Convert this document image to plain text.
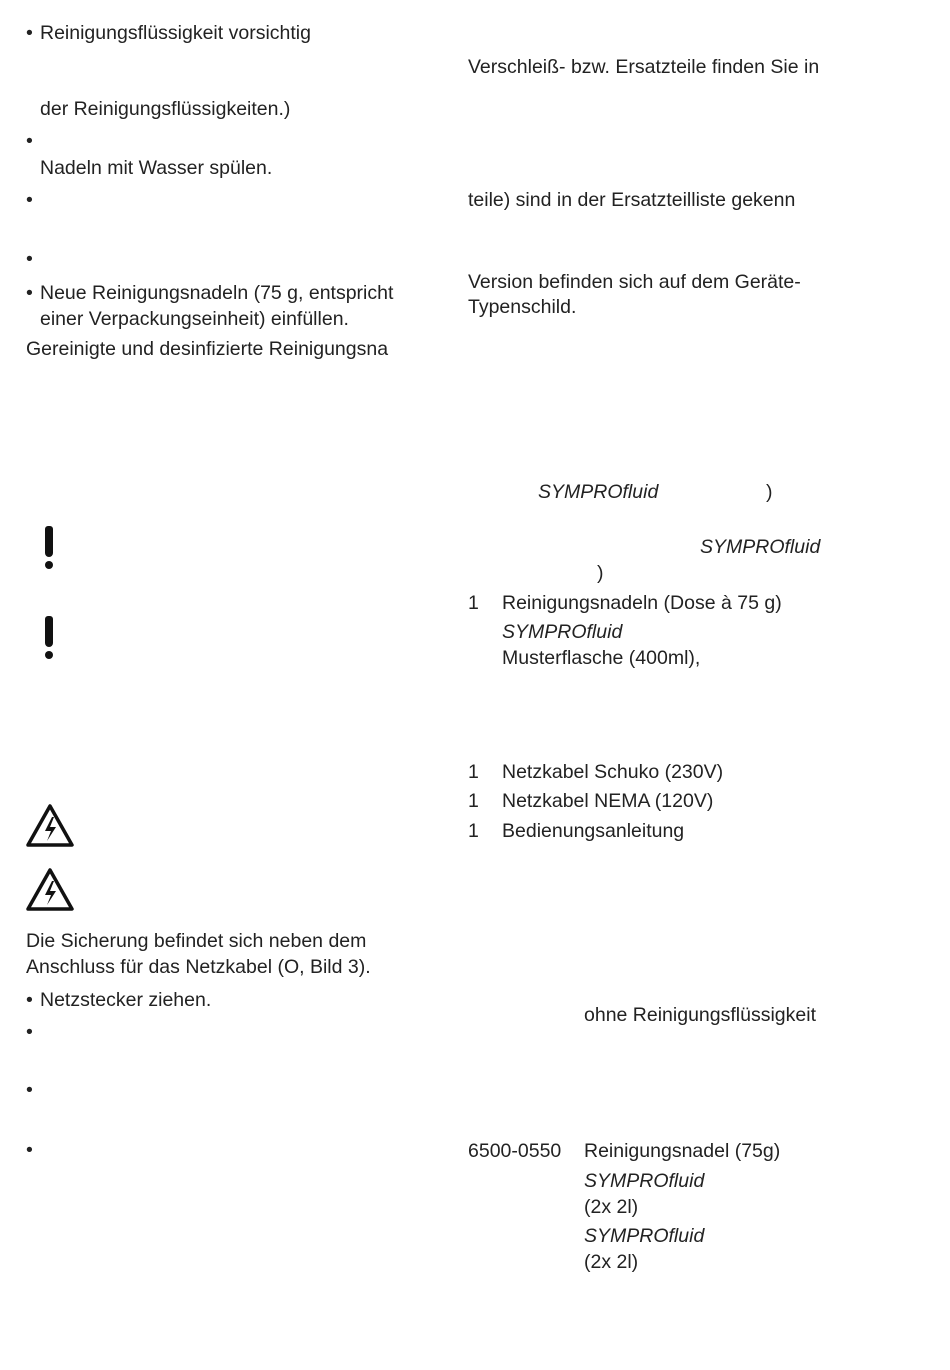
• Reinigungsflüssigkeit vorsichtig
der Reinigungsflüssigkeiten.)
•
Nadeln mit Wasser spülen.
•
•
• Neue Reinigungsnadeln (75 g, entspricht
einer Verpackungseinheit) einfüllen.
Gereinigte und desinfizierte Reinigungsna
Die Sicherung befindet sich neben dem
Anschluss für das Netzkabel (O, Bild 3).
• Netzstecker ziehen.
•
•
•
Verschleiß- bzw. Ersatzteile finden Sie in
teile) sind in der Ersatzteilliste gekenn
Version befinden sich auf dem Geräte-
Typenschild.
SYMPROfluid	)
SYMPROfluid
)
1 Reinigungsnadeln (Dose à 75 g)
SYMPROfluid
Musterflasche (400ml),
1 Netzkabel Schuko (230V)
1 Netzkabel NEMA (120V)
1 Bedienungsanleitung
ohne Reinigungsflüssigkeit
6500-0550 Reinigungsnadel (75g)
SYMPROfluid
(2x 2l)
SYMPROfluid
(2x 2l)
